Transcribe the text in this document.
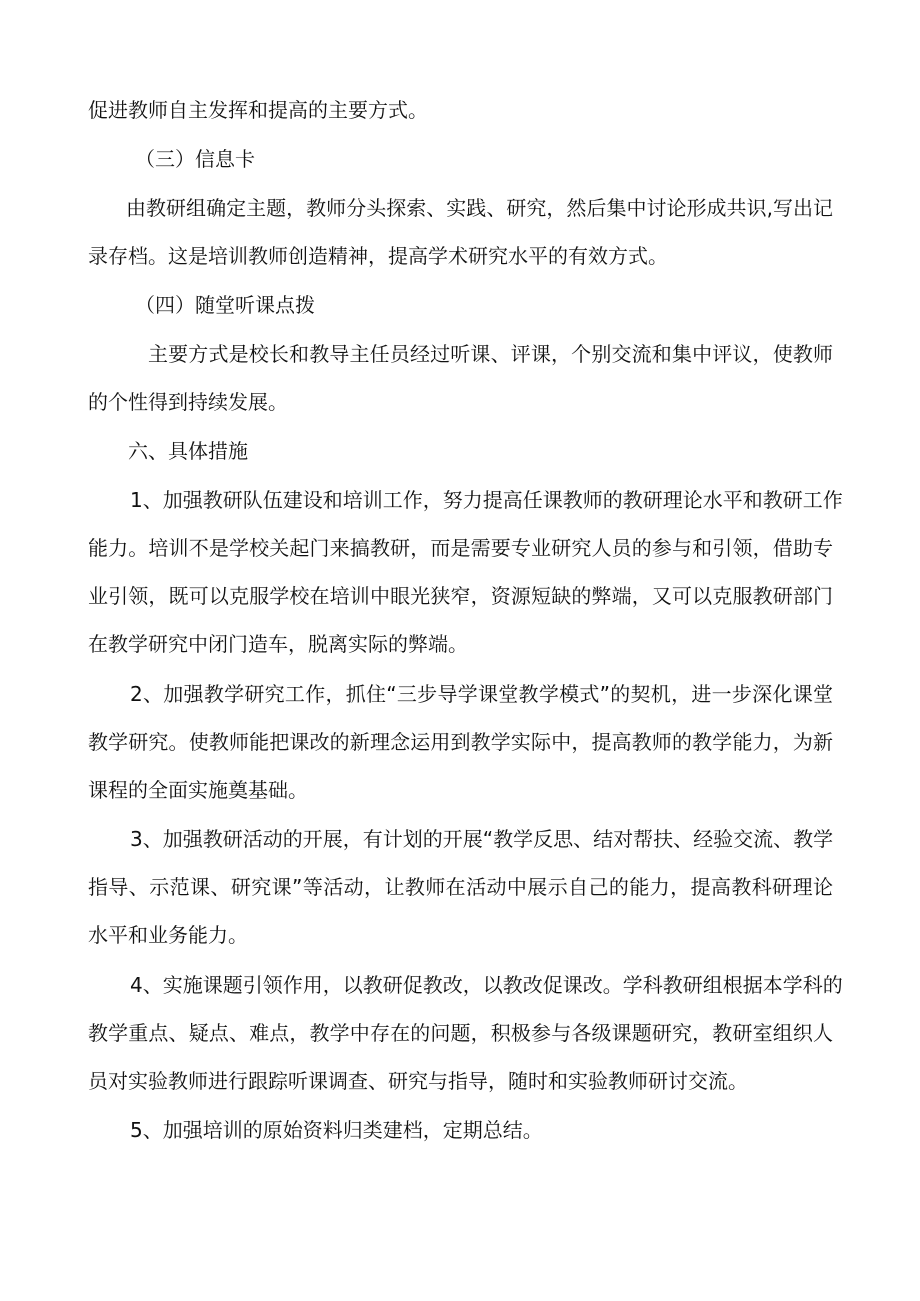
促进教师自主发挥和提高的主要方式。

（三）信息卡

由教研组确定主题，教师分头探索、实践、研究，然后集中讨论形成共识,写出记
录存档。这是培训教师创造精神，提高学术研究水平的有效方式。

（四）随堂听课点拨

主要方式是校长和教导主任员经过听课、评课，个别交流和集中评议，使教师
的个性得到持续发展。

六、具体措施

1、加强教研队伍建设和培训工作，努力提高任课教师的教研理论水平和教研工作
能力。培训不是学校关起门来搞教研，而是需要专业研究人员的参与和引领，借助专
业引领，既可以克服学校在培训中眼光狭窄，资源短缺的弊端，又可以克服教研部门
在教学研究中闭门造车，脱离实际的弊端。

2、加强教学研究工作，抓住“三步导学课堂教学模式”的契机，进一步深化课堂
教学研究。使教师能把课改的新理念运用到教学实际中，提高教师的教学能力，为新
课程的全面实施奠基础。

3、加强教研活动的开展，有计划的开展“教学反思、结对帮扶、经验交流、教学
指导、示范课、研究课”等活动，让教师在活动中展示自己的能力，提高教科研理论
水平和业务能力。

4、实施课题引领作用，以教研促教改，以教改促课改。学科教研组根据本学科的
教学重点、疑点、难点，教学中存在的问题，积极参与各级课题研究，教研室组织人
员对实验教师进行跟踪听课调查、研究与指导，随时和实验教师研讨交流。

5、加强培训的原始资料归类建档，定期总结。
